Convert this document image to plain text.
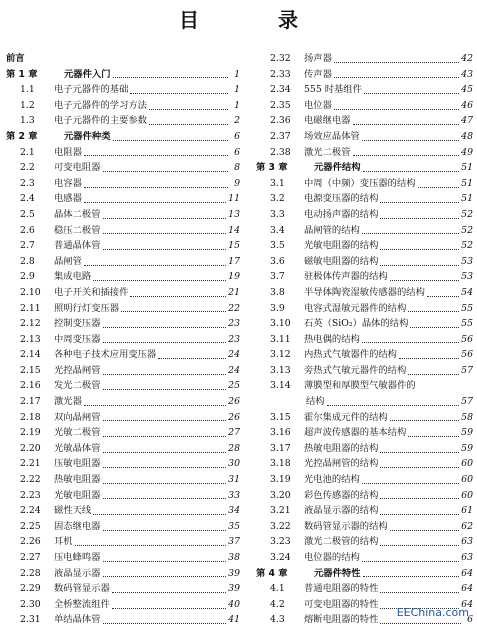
目 录
前言
第 1 章	元器件入门	1
1.1	电子元器件的基础	1
1.2	电子元器件的学习方法	1
1.3	电子元器件的主要参数	2
第 2 章	元器件种类	6
2.1	电阻器	6
2.2	可变电阻器	8
2.3	电容器	9
2.4	电感器	11
2.5	晶体二极管	13
2.6	稳压二极管	14
2.7	普通晶体管	15
2.8	晶闸管	17
2.9	集成电路	19
2.10	电子开关和插接件	21
2.11	照明行灯变压器	22
2.12	控制变压器	23
2.13	中周变压器	23
2.14	各种电子技术应用变压器	24
2.15	光控晶闸管	24
2.16	发光二极管	25
2.17	激光器	26
2.18	双向晶闸管	26
2.19	光敏二极管	27
2.20	光敏晶体管	28
2.21	压敏电阻器	30
2.22	热敏电阻器	31
2.23	光敏电阻器	33
2.24	磁性天线	34
2.25	固态继电器	35
2.26	耳机	37
2.27	压电蜂鸣器	38
2.28	液晶显示器	39
2.29	数码管显示器	39
2.30	全桥整流组件	40
2.31	单结晶体管	41
2.32	扬声器	42
2.33	传声器	43
2.34	555 时基组件	45
2.35	电位器	46
2.36	电磁继电器	47
2.37	场效应晶体管	48
2.38	激光二极管	49
第 3 章	元器件结构	51
3.1	中周（中频）变压器的结构	51
3.2	电源变压器的结构	51
3.3	电动扬声器的结构	52
3.4	晶闸管的结构	52
3.5	光敏电阻器的结构	52
3.6	磁敏电阻器的结构	53
3.7	驻极体传声器的结构	53
3.8	半导体陶瓷湿敏传感器的结构	54
3.9	电容式湿敏元器件的结构	55
3.10	石英（SiO₂）晶体的结构	55
3.11	热电偶的结构	56
3.12	内热式气敏器件的结构	56
3.13	旁热式气敏元器件的结构	57
3.14	薄膜型和厚膜型气敏器件的
结构	57
3.15	霍尔集成元件的结构	58
3.16	超声波传感器的基本结构	59
3.17	热敏电阻器的结构	59
3.18	光控晶闸管的结构	60
3.19	光电池的结构	60
3.20	彩色传感器的结构	60
3.21	液晶显示器的结构	61
3.22	数码管显示器的结构	62
3.23	激光二极管的结构	63
3.24	电位器的结构	63
第 4 章	元器件特性	64
4.1	普通电阻器的特性	64
4.2	可变电阻器的特性	64
4.3	熔断电阻器的特性	6
EEChina.com
